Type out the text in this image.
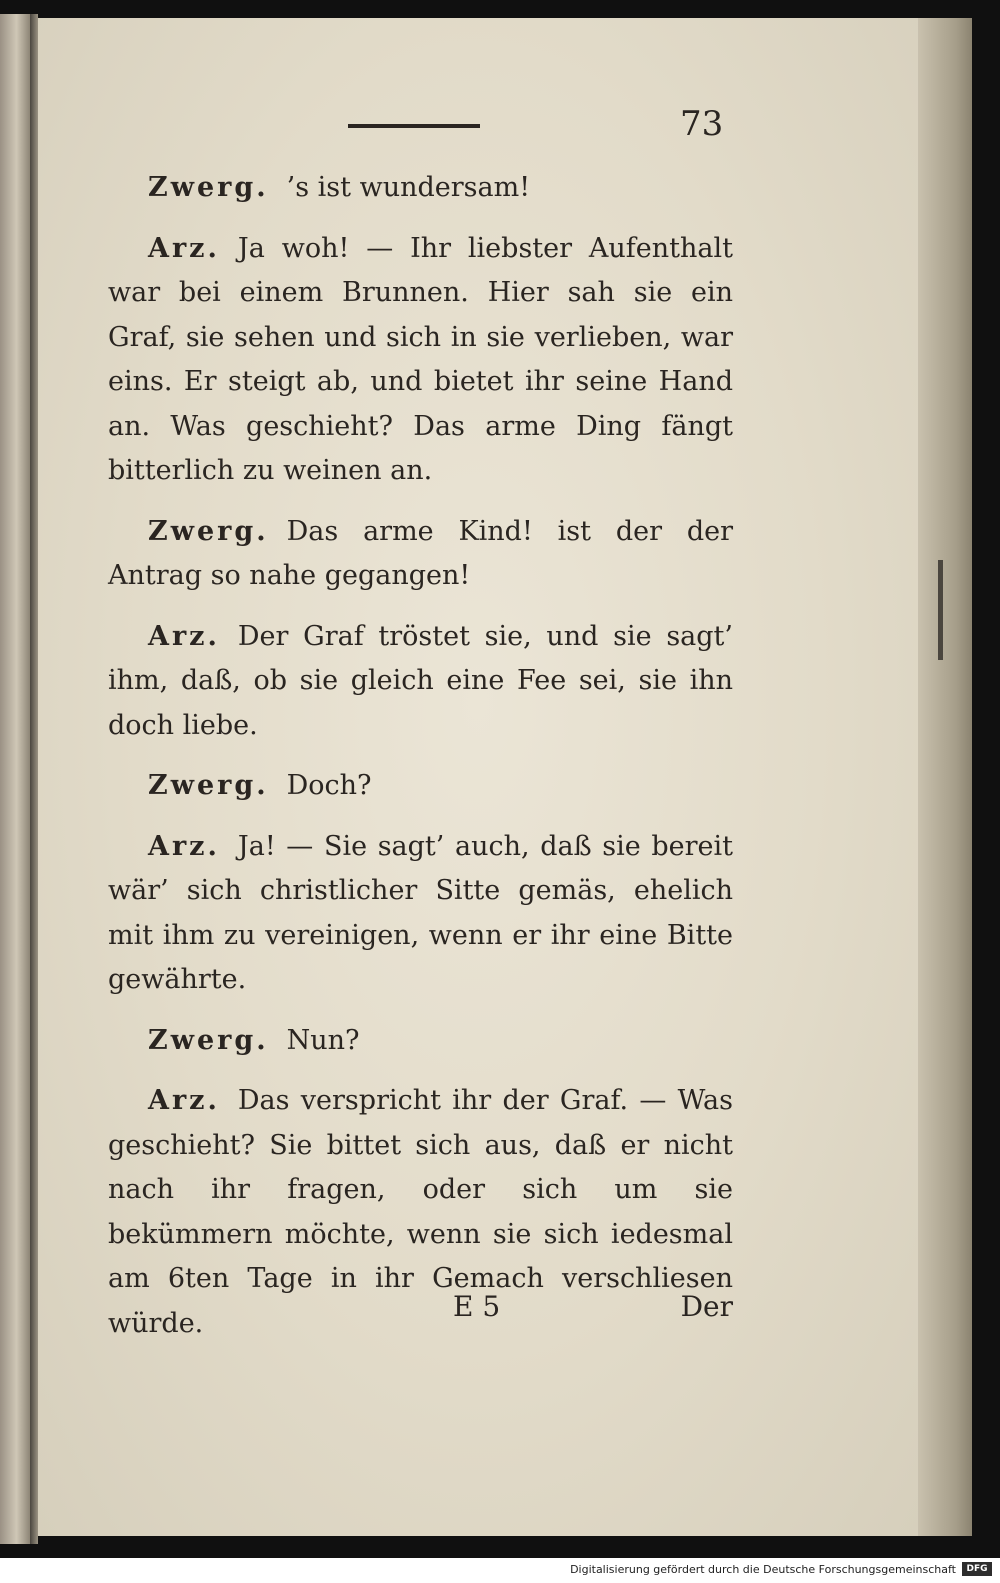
73

Zwerg. ’s ist wundersam!

Arz. Ja woh! — Ihr liebster Aufenthalt war bei einem Brunnen. Hier sah sie ein Graf, sie sehen und sich in sie verlieben, war eins. Er steigt ab, und bietet ihr seine Hand an. Was geschieht? Das arme Ding fängt bitterlich zu weinen an.

Zwerg. Das arme Kind! ist der der Antrag so nahe gegangen!

Arz. Der Graf tröstet sie, und sie sagt’ ihm, daß, ob sie gleich eine Fee sei, sie ihn doch liebe.

Zwerg. Doch?

Arz. Ja! — Sie sagt’ auch, daß sie bereit wär’ sich christlicher Sitte gemäs, ehelich mit ihm zu vereinigen, wenn er ihr eine Bitte gewährte.

Zwerg. Nun?

Arz. Das verspricht ihr der Graf. — Was geschieht? Sie bittet sich aus, daß er nicht nach ihr fragen, oder sich um sie bekümmern möchte, wenn sie sich iedesmal am 6ten Tage in ihr Gemach verschliesen würde.	E 5	Der
Digitalisierung gefördert durch die Deutsche Forschungsgemeinschaft	DFG
